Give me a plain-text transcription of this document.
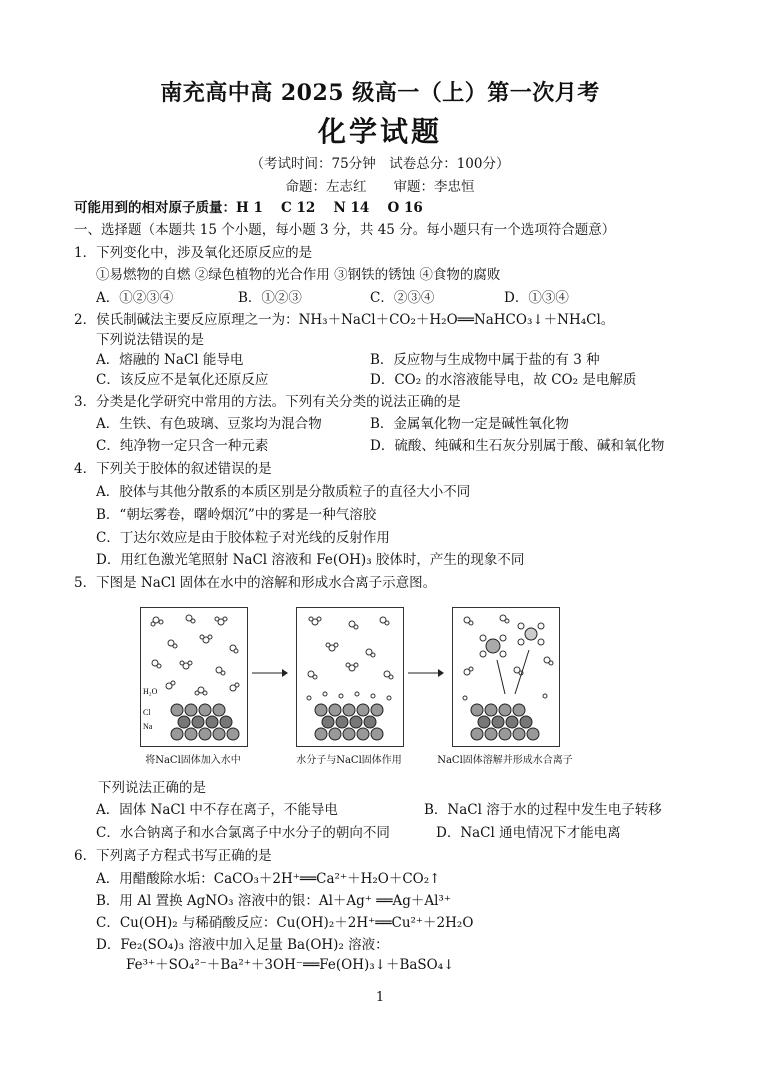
南充高中高 2025 级高一（上）第一次月考
化学试题
（考试时间：75分钟　试卷总分：100分）
命题：左志红　　审题：李忠恒
可能用到的相对原子质量：H 1　 C 12　 N 14　 O 16
一、选择题（本题共 15 个小题，每小题 3 分，共 45 分。每小题只有一个选项符合题意）
1．下列变化中，涉及氧化还原反应的是
①易燃物的自燃 ②绿色植物的光合作用 ③钢铁的锈蚀 ④食物的腐败
A．①②③④	B．①②③	C．②③④	D．①③④
2．侯氏制碱法主要反应原理之一为：NH₃＋NaCl＋CO₂＋H₂O══NaHCO₃↓＋NH₄Cl。
下列说法错误的是
A．熔融的 NaCl 能导电	B．反应物与生成物中属于盐的有 3 种
C．该反应不是氧化还原反应	D．CO₂ 的水溶液能导电，故 CO₂ 是电解质
3．分类是化学研究中常用的方法。下列有关分类的说法正确的是
A．生铁、有色玻璃、豆浆均为混合物	B．金属氧化物一定是碱性氧化物
C．纯净物一定只含一种元素	D．硫酸、纯碱和生石灰分别属于酸、碱和氧化物
4．下列关于胶体的叙述错误的是
A．胶体与其他分散系的本质区别是分散质粒子的直径大小不同
B．“朝坛雾卷，曙岭烟沉”中的雾是一种气溶胶
C．丁达尔效应是由于胶体粒子对光线的反射作用
D．用红色激光笔照射 NaCl 溶液和 Fe(OH)₃ 胶体时，产生的现象不同
5．下图是 NaCl 固体在水中的溶解和形成水合离子示意图。
H₂O
Cl
Na
将NaCl固体加入水中	水分子与NaCl固体作用	NaCl固体溶解并形成水合离子
下列说法正确的是
A．固体 NaCl 中不存在离子，不能导电	B．NaCl 溶于水的过程中发生电子转移
C．水合钠离子和水合氯离子中水分子的朝向不同	D．NaCl 通电情况下才能电离
6．下列离子方程式书写正确的是
A．用醋酸除水垢：CaCO₃＋2H⁺══Ca²⁺＋H₂O＋CO₂↑
B．用 Al 置换 AgNO₃ 溶液中的银：Al＋Ag⁺ ══Ag＋Al³⁺
C．Cu(OH)₂ 与稀硝酸反应：Cu(OH)₂＋2H⁺══Cu²⁺＋2H₂O
D．Fe₂(SO₄)₃ 溶液中加入足量 Ba(OH)₂ 溶液：
Fe³⁺＋SO₄²⁻＋Ba²⁺＋3OH⁻══Fe(OH)₃↓＋BaSO₄↓
1
